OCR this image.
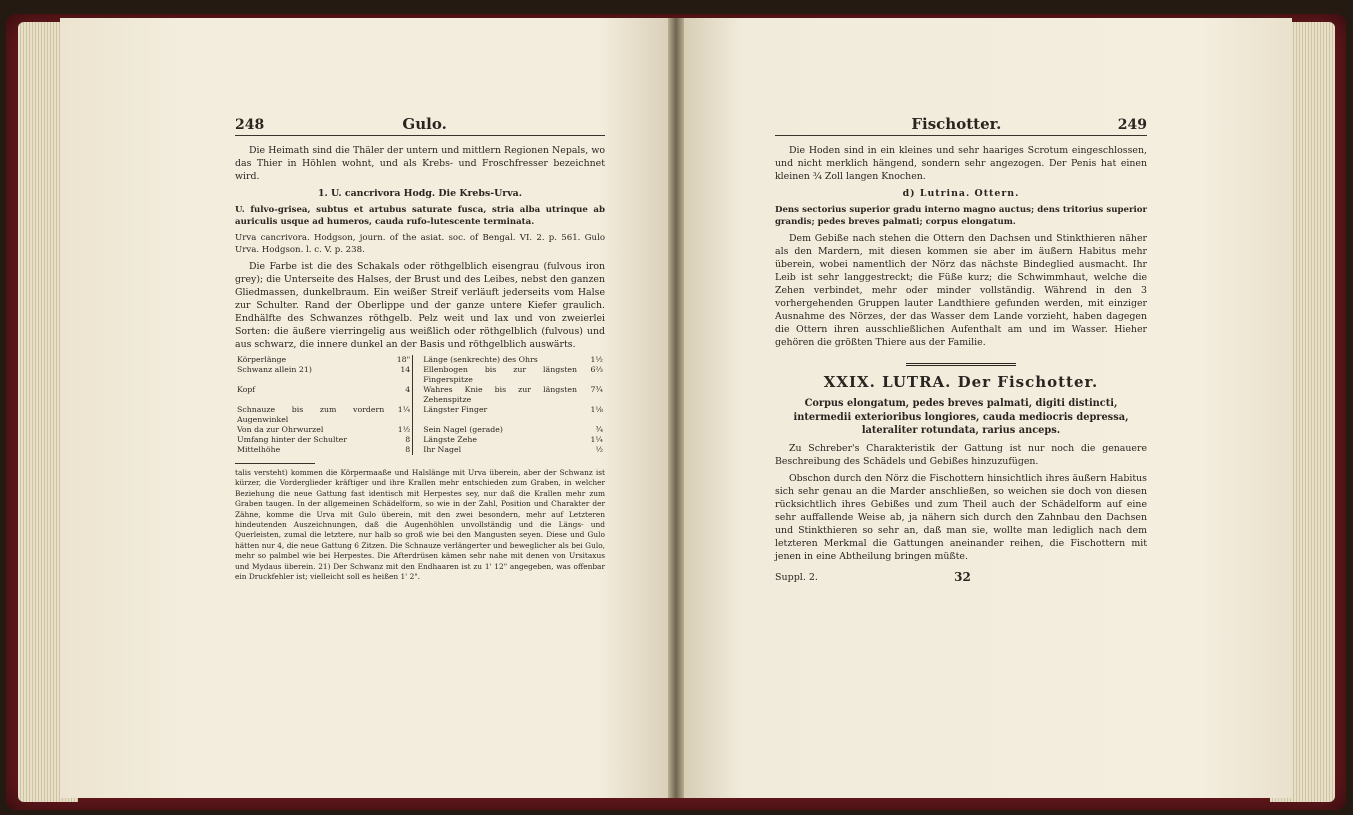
248	Gulo.

Die Heimath sind die Thäler der untern und mittlern Regionen Nepals, wo das Thier in Höhlen wohnt, und als Krebs- und Froschfresser bezeichnet wird.

1. U. cancrivora Hodg. Die Krebs-Urva.

U. fulvo-grisea, subtus et artubus saturate fusca, stria alba utrinque ab auriculis usque ad humeros, cauda rufo-lutescente terminata.

Urva cancrivora. Hodgson, journ. of the asiat. soc. of Bengal. VI. 2. p. 561. Gulo Urva. Hodgson. l. c. V. p. 238.

Die Farbe ist die des Schakals oder röthgelblich eisengrau (fulvous iron grey); die Unterseite des Halses, der Brust und des Leibes, nebst den ganzen Gliedmassen, dunkelbraum. Ein weißer Streif verläuft jederseits vom Halse zur Schulter. Rand der Oberlippe und der ganze untere Kiefer graulich. Endhälfte des Schwanzes röthgelb. Pelz weit und lax und von zweierlei Sorten: die äußere vierringelig aus weißlich oder röthgelblich (fulvous) und aus schwarz, die innere dunkel an der Basis und röthgelblich auswärts.

Körperlänge	18"		Länge (senkrechte) des Ohrs	1½
Schwanz allein 21)	14		Ellenbogen bis zur längsten Fingerspitze	6⅔
Kopf	4		Wahres Knie bis zur längsten Zehenspitze	7¾
Schnauze bis zum vordern Augenwinkel	1¼		Längster Finger	1⅛
Von da zur Ohrwurzel	1½		Sein Nagel (gerade)	¾
Umfang hinter der Schulter	8		Längste Zehe	1¼
Mittelhöhe	8		Ihr Nagel	½

talis versteht) kommen die Körpermaaße und Halslänge mit Urva überein, aber der Schwanz ist kürzer, die Vorderglieder kräftiger und ihre Krallen mehr entschieden zum Graben, in welcher Beziehung die neue Gattung fast identisch mit Herpestes sey, nur daß die Krallen mehr zum Graben taugen. In der allgemeinen Schädelform, so wie in der Zahl, Position und Charakter der Zähne, komme die Urva mit Gulo überein, mit den zwei besondern, mehr auf Letzteren hindeutenden Auszeichnungen, daß die Augenhöhlen unvollständig und die Längs- und Querleisten, zumal die letztere, nur halb so groß wie bei den Mangusten seyen. Diese und Gulo hätten nur 4, die neue Gattung 6 Zitzen. Die Schnauze verlängerter und beweglicher als bei Gulo, mehr so palmbel wie bei Herpestes. Die Afterdrüsen kämen sehr nahe mit denen von Ursitaxus und Mydaus überein. 21) Der Schwanz mit den Endhaaren ist zu 1' 12" angegeben, was offenbar ein Druckfehler ist; vielleicht soll es heißen 1' 2".

Fischotter.	249

Die Hoden sind in ein kleines und sehr haariges Scrotum eingeschlossen, und nicht merklich hängend, sondern sehr angezogen. Der Penis hat einen kleinen ¾ Zoll langen Knochen.

d) Lutrina. Ottern.

Dens sectorius superior gradu interno magno auctus; dens tritorius superior grandis; pedes breves palmati; corpus elongatum.

Dem Gebiße nach stehen die Ottern den Dachsen und Stinkthieren näher als den Mardern, mit diesen kommen sie aber im äußern Habitus mehr überein, wobei namentlich der Nörz das nächste Bindeglied ausmacht. Ihr Leib ist sehr langgestreckt; die Füße kurz; die Schwimmhaut, welche die Zehen verbindet, mehr oder minder vollständig. Während in den 3 vorhergehenden Gruppen lauter Landthiere gefunden werden, mit einziger Ausnahme des Nörzes, der das Wasser dem Lande vorzieht, haben dagegen die Ottern ihren ausschließlichen Aufenthalt am und im Wasser. Hieher gehören die größten Thiere aus der Familie.

XXIX. LUTRA. Der Fischotter.

Corpus elongatum, pedes breves palmati, digiti distincti, intermedii exterioribus longiores, cauda mediocris depressa, lateraliter rotundata, rarius anceps.

Zu Schreber's Charakteristik der Gattung ist nur noch die genauere Beschreibung des Schädels und Gebißes hinzuzufügen.

Obschon durch den Nörz die Fischottern hinsichtlich ihres äußern Habitus sich sehr genau an die Marder anschließen, so weichen sie doch von diesen rücksichtlich ihres Gebißes und zum Theil auch der Schädelform auf eine sehr auffallende Weise ab, ja nähern sich durch den Zahnbau den Dachsen und Stinkthieren so sehr an, daß man sie, wollte man lediglich nach dem letzteren Merkmal die Gattungen aneinander reihen, die Fischottern mit jenen in eine Abtheilung bringen müßte.

Suppl. 2.	32
